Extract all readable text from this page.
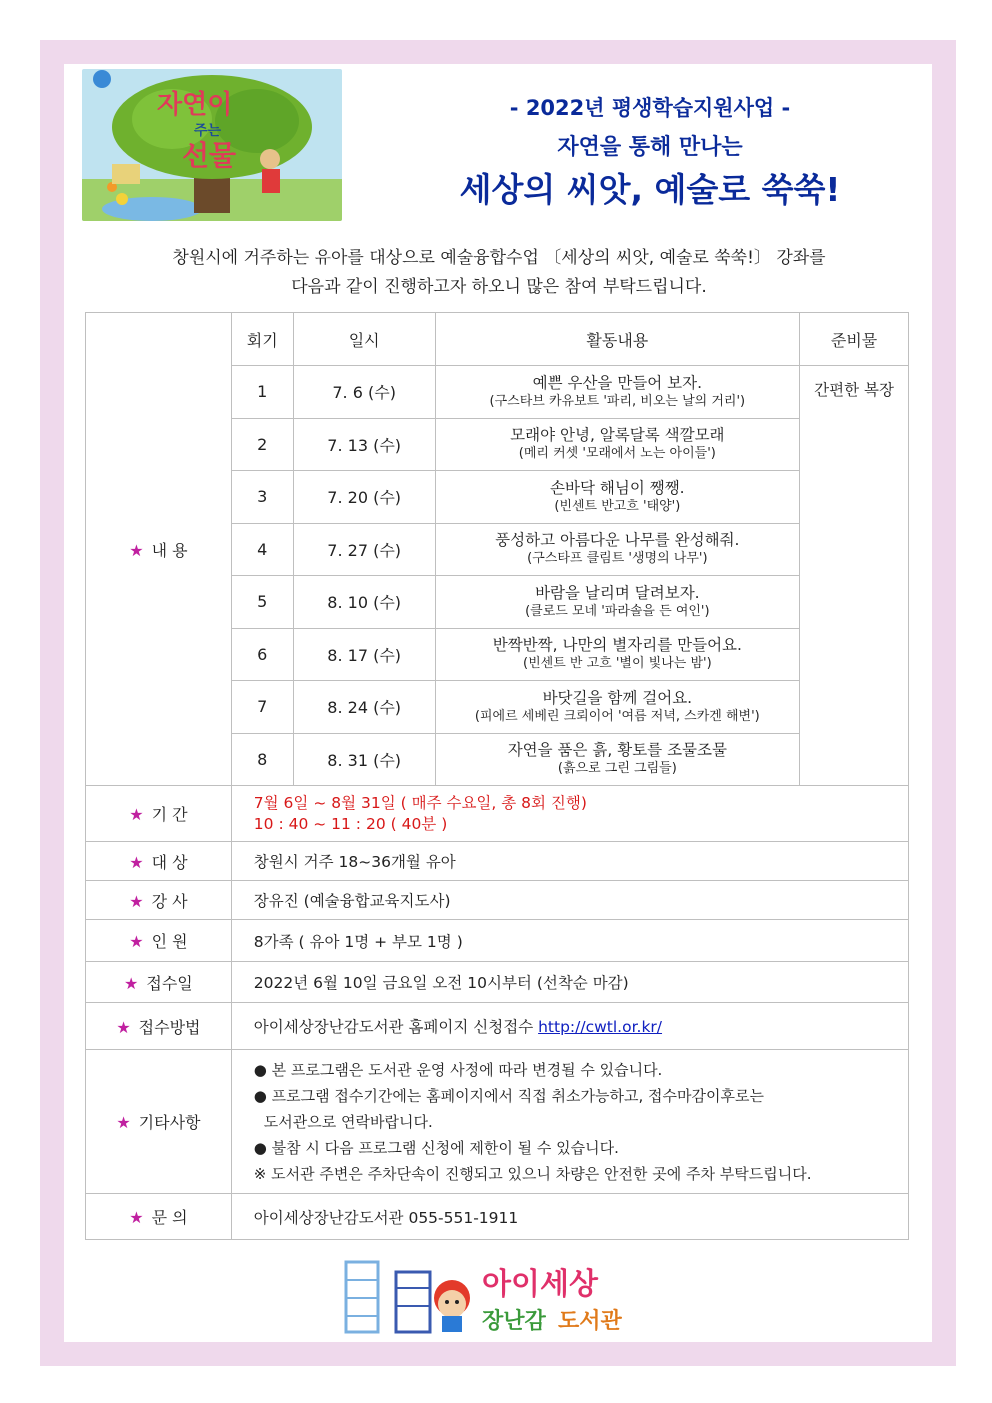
자연이
주는
선물
- 2022년 평생학습지원사업 -
자연을 통해 만나는
세상의 씨앗, 예술로 쑥쑥!
창원시에 거주하는 유아를 대상으로 예술융합수업 〔세상의 씨앗, 예술로 쑥쑥!〕 강좌를
다음과 같이 진행하고자 하오니 많은 참여 부탁드립니다.
★ 내 용	회기	일시	활동내용	준비물
	1	7. 6 (수)	예쁜 우산을 만들어 보자.
(구스타브 카유보트 '파리, 비오는 날의 거리')	간편한 복장
	2	7. 13 (수)	모래야 안녕, 알록달록 색깔모래
(메리 커셋 '모래에서 노는 아이들')	

	3	7. 20 (수)	손바닥 해님이 쨍쨍.
(빈센트 반고흐 '태양')	

	4	7. 27 (수)	풍성하고 아름다운 나무를 완성해줘.
(구스타프 클림트 '생명의 나무')	

	5	8. 10 (수)	바람을 날리며 달려보자.
(클로드 모네 '파라솔을 든 여인')	

	6	8. 17 (수)	반짝반짝, 나만의 별자리를 만들어요.
(빈센트 반 고흐 '별이 빛나는 밤')	

	7	8. 24 (수)	바닷길을 함께 걸어요.
(피에르 세베린 크뢰이어 '여름 저녁, 스카겐 해변')	

	8	8. 31 (수)	자연을 품은 흙, 황토를 조물조물
(흙으로 그린 그림들)	

★ 기 간	7월 6일 ~ 8월 31일 ( 매주 수요일, 총 8회 진행)
10 : 40 ~ 11 : 20 ( 40분 )			

★ 대 상	창원시 거주 18~36개월 유아			
★ 강 사	장유진 (예술융합교육지도사)			
★ 인 원	8가족 ( 유아 1명 + 부모 1명 )			
★ 접수일	2022년 6월 10일 금요일 오전 10시부터 (선착순 마감)			
★ 접수방법	아이세상장난감도서관 홈페이지 신청접수 http://cwtl.or.kr/			
★ 기타사항	● 본 프로그램은 도서관 운영 사정에 따라 변경될 수 있습니다.
● 프로그램 접수기간에는 홈페이지에서 직접 취소가능하고, 접수마감이후로는
도서관으로 연락바랍니다.
● 불참 시 다음 프로그램 신청에 제한이 될 수 있습니다.
※ 도서관 주변은 주차단속이 진행되고 있으니 차량은 안전한 곳에 주차 부탁드립니다.			

★ 문 의	아이세상장난감도서관 055-551-1911			
아이세상
장난감 도서관
